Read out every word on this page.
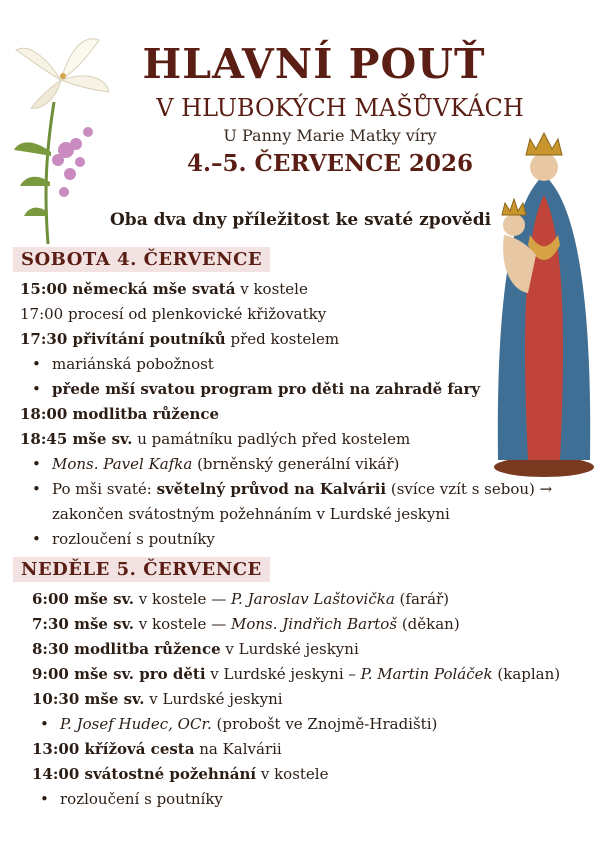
HLAVNÍ POUŤ
V HLUBOKÝCH MAŠŮVKÁCH
U Panny Marie Matky víry
4.–5. ČERVENCE 2026
Oba dva dny příležitost ke svaté zpovědi
SOBOTA 4. ČERVENCE
NEDĚLE 5. ČERVENCE
15:00 německá mše svatá v kostele
17:00 procesí od plenkovické křižovatky
17:30 přivítání poutníků před kostelem
• mariánská pobožnost
• přede mší svatou program pro děti na zahradě fary
18:00 modlitba růžence
18:45 mše sv. u památníku padlých před kostelem
• Mons. Pavel Kafka (brněnský generální vikář)
• Po mši svaté: světelný průvod na Kalvárii (svíce vzít s sebou) →
zakončen svátostným požehnáním v Lurdské jeskyni
• rozloučení s poutníky
6:00 mše sv. v kostele — P. Jaroslav Laštovička (farář)
7:30 mše sv. v kostele — Mons. Jindřich Bartoš (děkan)
8:30 modlitba růžence v Lurdské jeskyni
9:00 mše sv. pro děti v Lurdské jeskyni – P. Martin Poláček (kaplan)
10:30 mše sv. v Lurdské jeskyni
• P. Josef Hudec, OCr. (probošt ve Znojmě-Hradišti)
13:00 křížová cesta na Kalvárii
14:00 svátostné požehnání v kostele
• rozloučení s poutníky
